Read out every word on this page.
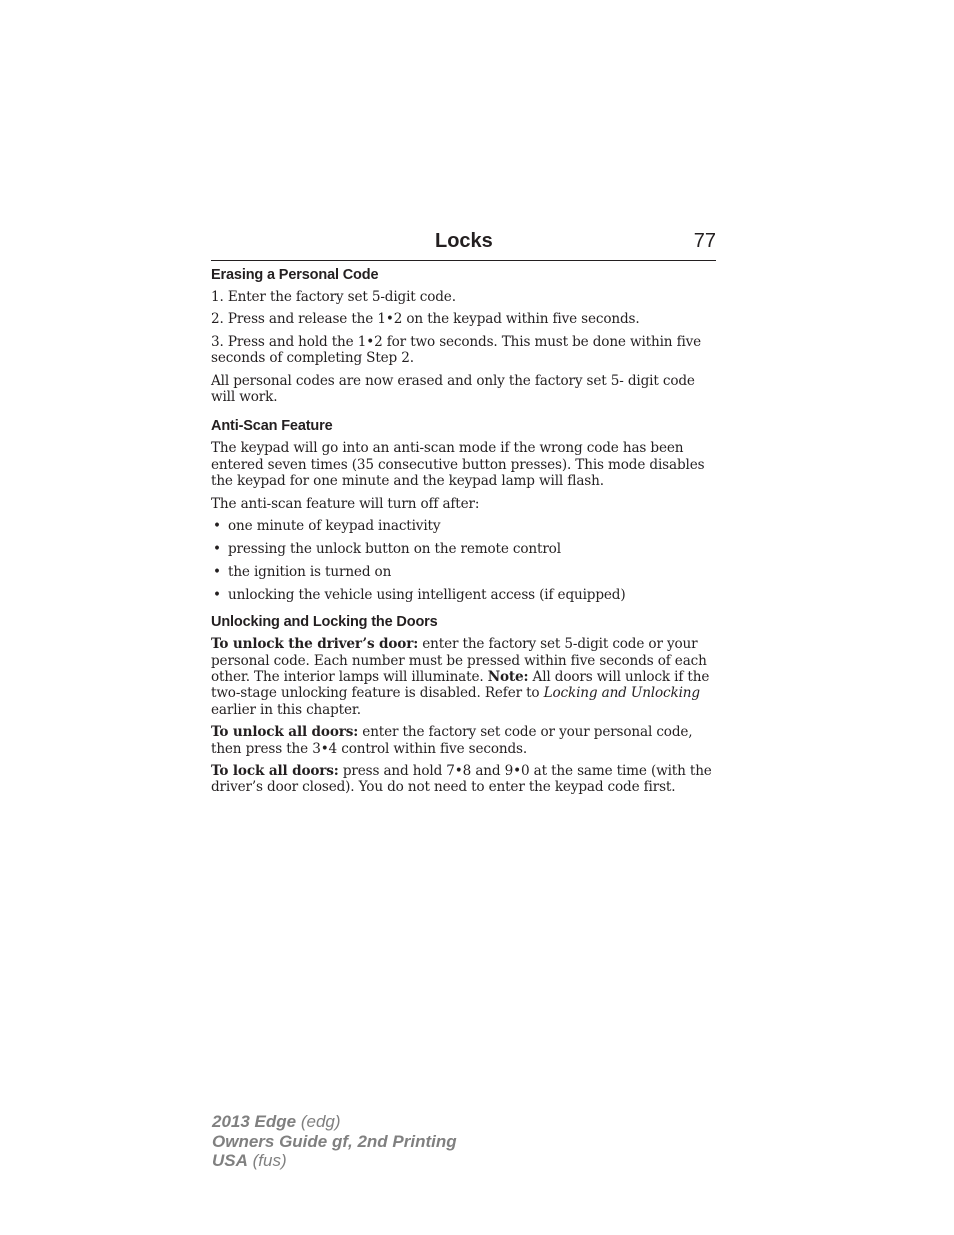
Locks	77
Erasing a Personal Code

1. Enter the factory set 5-digit code.

2. Press and release the 1•2 on the keypad within five seconds.

3. Press and hold the 1•2 for two seconds. This must be done within five seconds of completing Step 2.

All personal codes are now erased and only the factory set 5- digit code will work.

Anti-Scan Feature

The keypad will go into an anti-scan mode if the wrong code has been entered seven times (35 consecutive button presses). This mode disables the keypad for one minute and the keypad lamp will flash.

The anti-scan feature will turn off after:

• one minute of keypad inactivity
• pressing the unlock button on the remote control
• the ignition is turned on
• unlocking the vehicle using intelligent access (if equipped)
Unlocking and Locking the Doors

To unlock the driver’s door: enter the factory set 5-digit code or your personal code. Each number must be pressed within five seconds of each other. The interior lamps will illuminate. Note: All doors will unlock if the two-stage unlocking feature is disabled. Refer to Locking and Unlocking earlier in this chapter.

To unlock all doors: enter the factory set code or your personal code, then press the 3•4 control within five seconds.

To lock all doors: press and hold 7•8 and 9•0 at the same time (with the driver’s door closed). You do not need to enter the keypad code first.

2013 Edge (edg)
Owners Guide gf, 2nd Printing
USA (fus)
